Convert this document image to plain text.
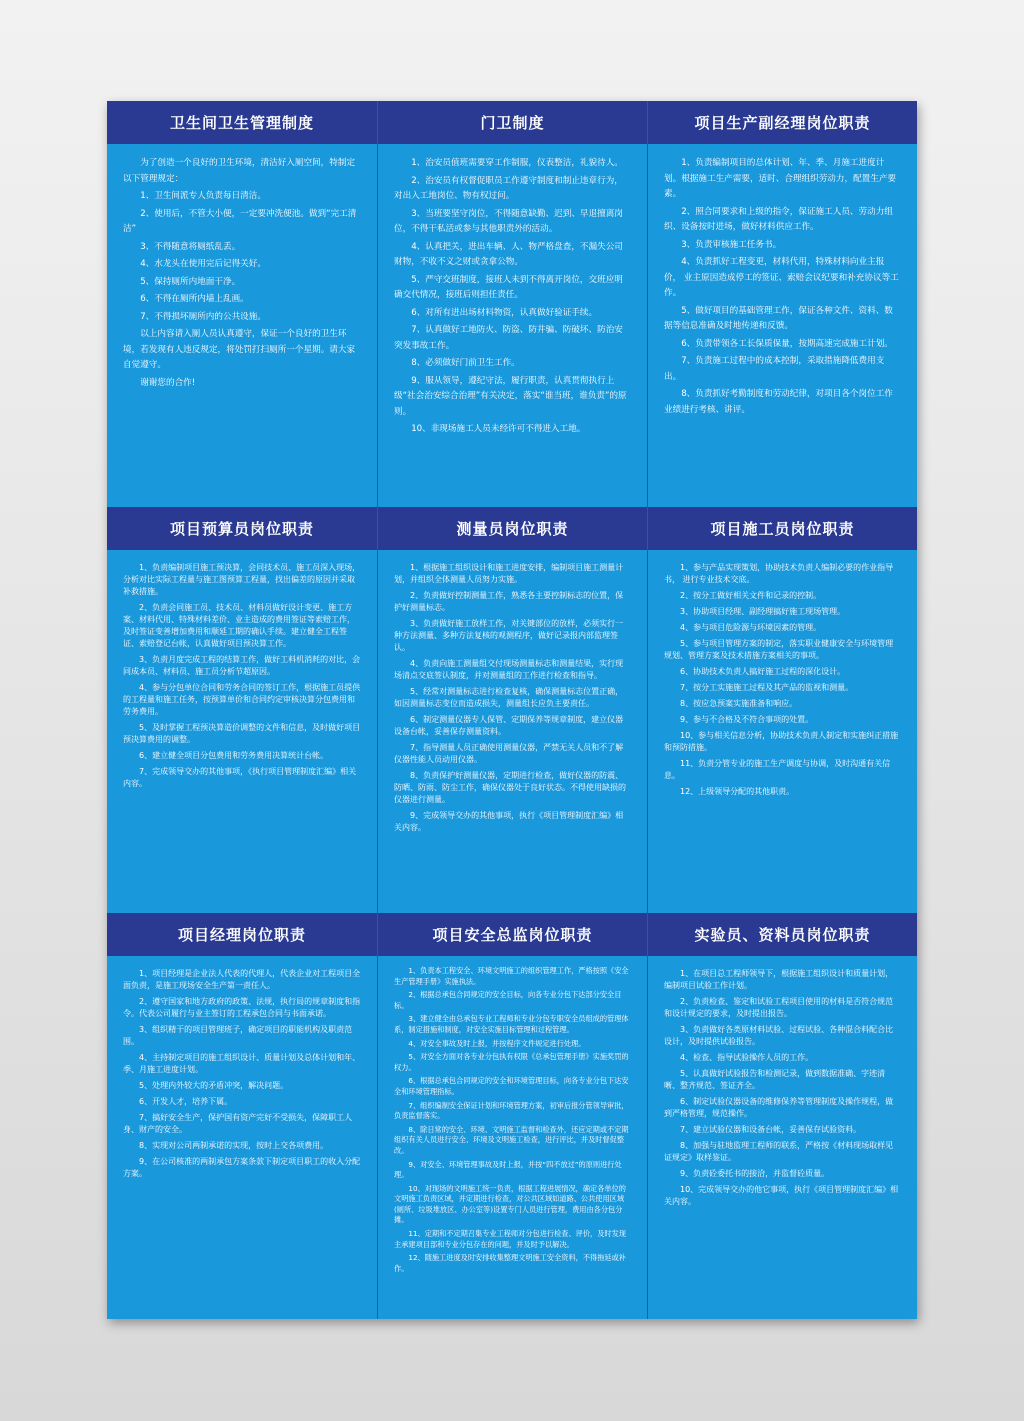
卫生间卫生管理制度

为了创造一个良好的卫生环境，清洁好入厕空间，特制定以下管理规定：

1、卫生间派专人负责每日清洁。

2、使用后，不管大小便，一定要冲洗便池。做到“完工清洁”

3、不得随意将厕纸乱丢。

4、水龙头在使用完后记得关好。

5、保持厕所内地面干净。

6、不得在厕所内墙上乱画。

7、不得损坏厕所内的公共设施。

以上内容请入厕人员认真遵守，保证一个良好的卫生环境，若发现有人违反规定，将处罚打扫厕所一个星期。请大家自觉遵守。

谢谢您的合作!

门卫制度

1、治安员值班需要穿工作制服，仪表整洁，礼貌待人。

2、治安员有权督促职员工作遵守制度和制止违章行为，对出入工地岗位、物有权过问。

3、当班要坚守岗位，不得随意缺勤、迟到、早退擅离岗位，不得干私活或参与其他职责外的活动。

4、认真把关，进出车辆、人、物严格盘查，不漏失公司财物，不收不义之财或贪拿公物。

5、严守交班制度，接班人未到不得离开岗位，交班应明确交代情况，接班后则担任责任。

6、对所有进出场材料物资，认真做好验证手续。

7、认真做好工地防火、防盗、防井骗、防破坏、防治安突发事故工作。

8、必须做好门前卫生工作。

9、服从领导，遵纪守法，履行职责，认真贯彻执行上级“社会治安综合治理”有关决定，落实“谁当班，谁负责”的原则。

10、非现场施工人员未经许可不得进入工地。

项目生产副经理岗位职责

1、负责编制项目的总体计划、年、季、月施工进度计划。根据施工生产需要，适时、合理组织劳动力，配置生产要素。

2、照合同要求和上级的指令，保证施工人员、劳动力组织、设备按时进场，做好材料供应工作。

3、负责审核施工任务书。

4、负责抓好工程变更，材料代用，特殊材料向业主报价， 业主原因造成停工的签证、索赔会议纪要和补充协议等工作。

5、做好项目的基础管理工作，保证各种文件、资料、数据等信息准确及时地传递和反馈。

6、负责带领各工长保质保量，按期高速完成施工计划。

7、负责施工过程中的成本控制，采取措施降低费用支出。

8、负责抓好考勤制度和劳动纪律，对项目各个岗位工作业绩进行考核、讲评。

项目预算员岗位职责

1、负责编制项目施工预决算，会同技术员、施工员深入现场，分析对比实际工程量与施工图预算工程量，找出偏差的原因并采取补救措施。

2、负责会同施工员、技术员、材料员做好设计变更、施工方案、材料代用、特殊材料差价、业主造成的费用签证等索赔工作，及时签证变善增加费用和顺延工期的确认手续。建立健全工程签证、索赔登记台帐，认真做好项目预决算工作。

3、负责月度完成工程的结算工作，做好工料机消耗的对比，会同成本员、材料员、施工员分析节超原因。

4、参与分包单位合同和劳务合同的签订工作，根据施工员提供的工程量和施工任务，按预算单价和合同约定审核决算分包费用和劳务费用。

5、及时掌握工程预决算造价调整的文件和信息，及时做好项目预决算费用的调整。

6、建立健全项目分包费用和劳务费用决算统计台帐。

7、完成领导交办的其他事项，《执行项目管理制度汇编》相关内容。

测量员岗位职责

1、根据施工组织设计和施工进度安排，编制项目施工测量计划，并组织全体测量人员努力实施。

2、负责做好控制测量工作，熟悉各主要控制标志的位置，保护好测量标志。

3、负责做好施工放样工作，对关键部位的放样，必须实行一种方法测量、多种方法复核的观测程序，做好记录报内部监理签认。

4、负责向施工测量组交付现场测量标志和测量结果，实行现场清点交底签认制度，并对测量组的工作进行检查和指导。

5、经常对测量标志进行检查复核，确保测量标志位置正确，如因测量标志变位而造成损失，测量组长应负主要责任。

6、制定测量仪器专人保管、定期保养等规章制度，建立仪器设备台帐，妥善保存测量资料。

7、指导测量人员正确使用测量仪器，严禁无关人员和不了解仪器性能人员动用仪器。

8、负责保护好测量仪器，定期进行检查，做好仪器的防震、防晒、防雨、防尘工作，确保仪器处于良好状态。不得使用缺损的仪器进行测量。

9、完成领导交办的其他事项，执行《项目管理制度汇编》相关内容。

项目施工员岗位职责

1、参与产品实现策划，协助技术负责人编制必要的作业指导书， 进行专业技术交底。

2、按分工做好相关文件和记录的控制。

3、协助项目经理、副经理搞好施工现场管理。

4、参与项目危险源与环境因素的管理。

5、参与项目管理方案的制定，落实职业健康安全与环境管理规划、管理方案及技术措施方案相关的事项。

6、协助技术负责人搞好施工过程的深化设计。

7、按分工实施施工过程及其产品的监视和测量。

8、按应急预案实施准备和响应。

9、参与不合格及不符合事项的处置。

10、参与相关信息分析，协助技术负责人制定和实施纠正措施和预防措施。

11、负责分管专业的施工生产调度与协调，及时沟通有关信息。

12、上级领导分配的其他职责。

项目经理岗位职责

1、项目经理是企业法人代表的代理人，代表企业对工程项目全面负责，是施工现场安全生产第一责任人。

2、遵守国家和地方政府的政策、法规，执行局的规章制度和指令。代表公司履行与业主签订的工程承包合同与书面承诺。

3、组织精干的项目管理班子，确定项目的职能机构及职责范围。

4、主持制定项目的施工组织设计、质量计划及总体计划和年、季、月施工进度计划。

5、处理内外较大的矛盾冲突，解决问题。

6、开发人才，培养下属。

7、搞好安全生产，保护国有资产完好不受损失，保障职工人身、财产的安全。

8、实现对公司两制承诺的实现，按时上交各项费用。

9、在公司核准的两制承包方案条款下制定项目职工的收入分配方案。

项目安全总监岗位职责

1、负责本工程安全、环境文明施工的组织管理工作，严格按照《安全生产管理手册》实施执法。

2、根据总承包合同规定的安全目标，向各专业分包下达部分安全目标。

3、建立健全由总承包专业工程师和专业分包专职安全员组成的管理体系，制定措施和制度，对安全实施目标管理和过程管理。

4、对安全事故及时上报，并按程序文件规定进行处理。

5、对安全方面对各专业分包执有权限《总承包管理手册》实施奖罚的权力。

6、根据总承包合同规定的安全和环境管理目标，向各专业分包下达安全和环境管理指标。

7、组织编制安全保证计划和环境管理方案，初审后报分管领导审批，负责监督落实。

8、除日常的安全、环境、文明施工监督和检查外，还应定期或不定期组织有关人员进行安全、环境及文明施工检查，进行评比，并及时督促整改。

9、对安全、环境管理事故及时上报，并按“四不放过”的原则进行处理。

10、对现场的文明施工统一负责，根据工程进展情况，确定各单位的文明施工负责区域，并定期进行检查，对公共区域如道路、公共使用区域(厕所、垃圾堆放区、办公室等)设置专门人员进行管理，费用由各分包分摊。

11、定期和不定期召集专业工程师对分包进行检查、评价，及时发现主承建项目部和专业分包存在的问题，并及时予以解决。

12、随施工进度及时安排收集整理文明施工安全资料，不得拖延或补作。

实验员、资料员岗位职责

1、在项目总工程师领导下，根据施工组织设计和质量计划，编制项目试验工作计划。

2、负责检查、鉴定和试验工程项目使用的材料是否符合规范和设计规定的要求，及时提出报告。

3、负责做好各类原材料试验、过程试验、各种混合料配合比设计，及时提供试验报告。

4、检查、指导试验操作人员的工作。

5、认真做好试验报告和检测记录，做到数据准确、字迹清晰、整齐规范、签证齐全。

6、制定试验仪器设备的维修保养等管理制度及操作规程，做到严格管理，规范操作。

7、建立试验仪器和设备台帐，妥善保存试验资料。

8、加强与驻地监理工程师的联系，严格按《材料现场取样见证规定》取样鉴证。

9、负责砼委托书的接洽，并监督砼质量。

10、完成领导交办的他它事项，执行《项目管理制度汇编》相关内容。
